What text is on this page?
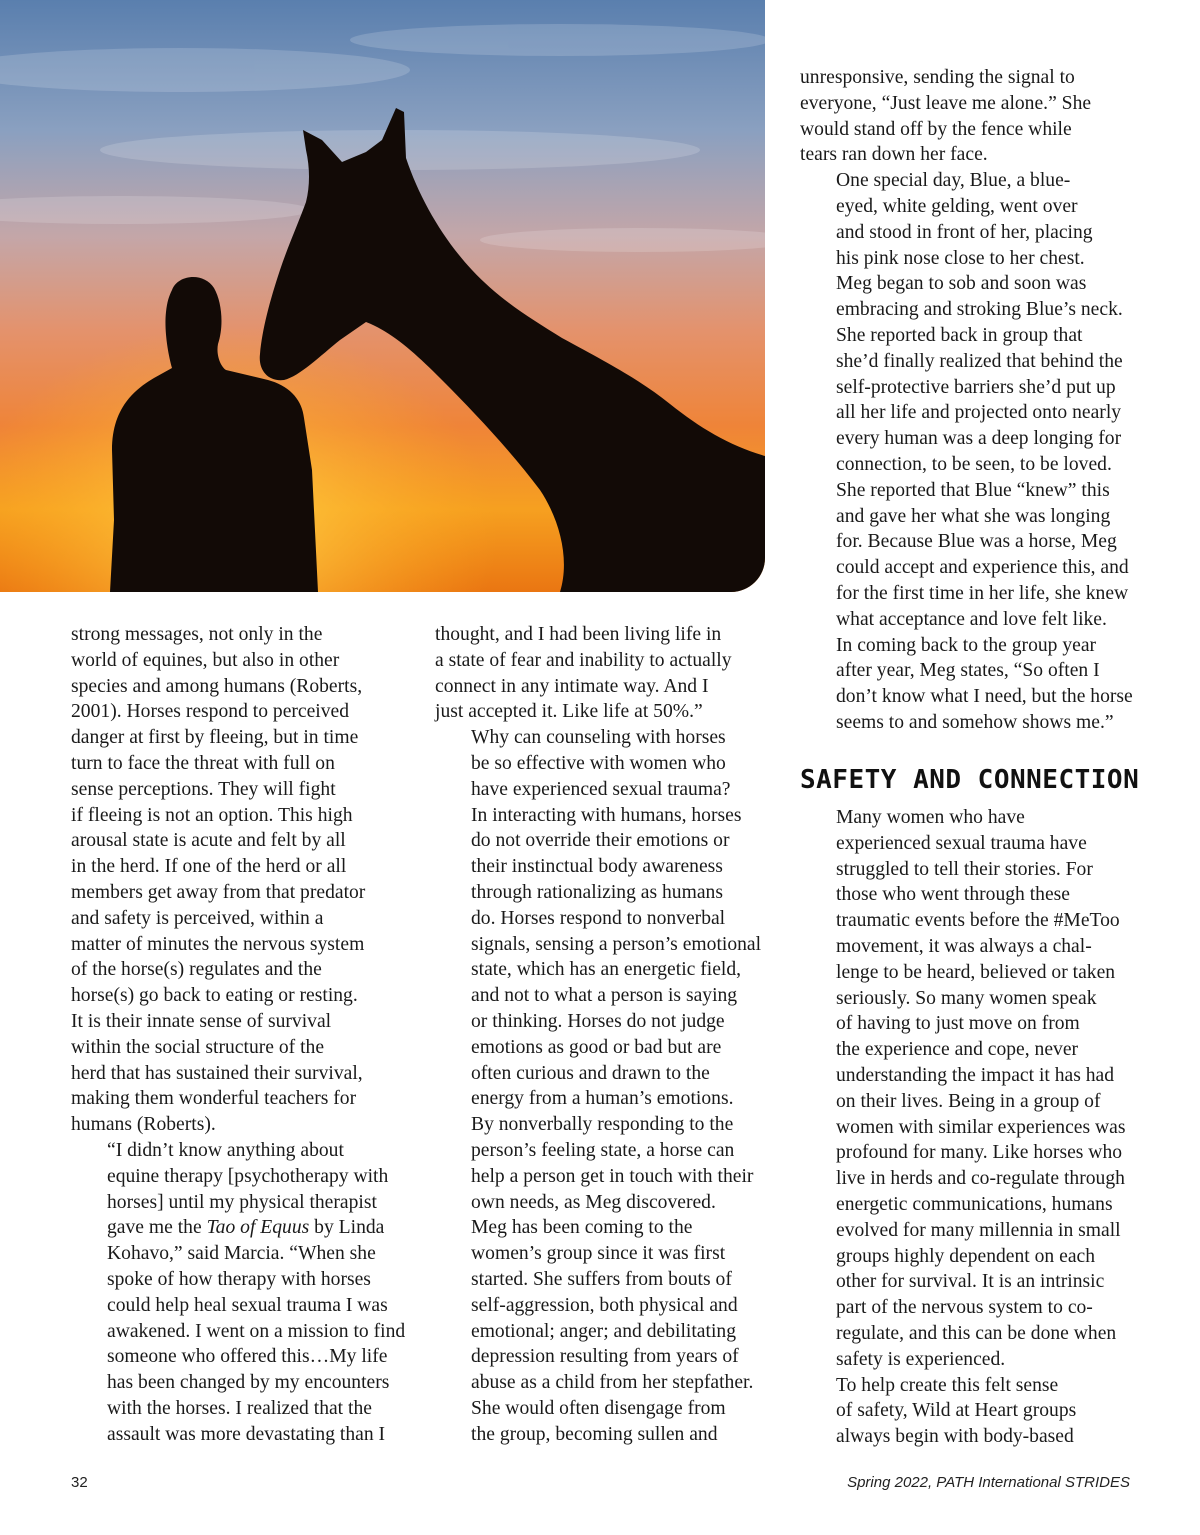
strong messages, not only in the
world of equines, but also in other
species and among humans (Roberts,
2001). Horses respond to perceived
danger at first by fleeing, but in time
turn to face the threat with full on
sense perceptions. They will fight
if fleeing is not an option. This high
arousal state is acute and felt by all
in the herd. If one of the herd or all
members get away from that predator
and safety is perceived, within a
matter of minutes the nervous system
of the horse(s) regulates and the
horse(s) go back to eating or resting.
It is their innate sense of survival
within the social structure of the
herd that has sustained their survival,
making them wonderful teachers for
humans (Roberts).

“I didn’t know anything about
equine therapy [psychotherapy with
horses] until my physical therapist
gave me the Tao of Equus by Linda
Kohavo,” said Marcia. “When she
spoke of how therapy with horses
could help heal sexual trauma I was
awakened. I went on a mission to find
someone who offered this…My life
has been changed by my encounters
with the horses. I realized that the
assault was more devastating than I

thought, and I had been living life in
a state of fear and inability to actually
connect in any intimate way. And I
just accepted it. Like life at 50%.”

Why can counseling with horses
be so effective with women who
have experienced sexual trauma?
In interacting with humans, horses
do not override their emotions or
their instinctual body awareness
through rationalizing as humans
do. Horses respond to nonverbal
signals, sensing a person’s emotional
state, which has an energetic field,
and not to what a person is saying
or thinking. Horses do not judge
emotions as good or bad but are
often curious and drawn to the
energy from a human’s emotions.
By nonverbally responding to the
person’s feeling state, a horse can
help a person get in touch with their
own needs, as Meg discovered.

Meg has been coming to the
women’s group since it was first
started. She suffers from bouts of
self-aggression, both physical and
emotional; anger; and debilitating
depression resulting from years of
abuse as a child from her stepfather.
She would often disengage from
the group, becoming sullen and

unresponsive, sending the signal to
everyone, “Just leave me alone.” She
would stand off by the fence while
tears ran down her face.

One special day, Blue, a blue-
eyed, white gelding, went over
and stood in front of her, placing
his pink nose close to her chest.
Meg began to sob and soon was
embracing and stroking Blue’s neck.
She reported back in group that
she’d finally realized that behind the
self-protective barriers she’d put up
all her life and projected onto nearly
every human was a deep longing for
connection, to be seen, to be loved.
She reported that Blue “knew” this
and gave her what she was longing
for. Because Blue was a horse, Meg
could accept and experience this, and
for the first time in her life, she knew
what acceptance and love felt like.
In coming back to the group year
after year, Meg states, “So often I
don’t know what I need, but the horse
seems to and somehow shows me.”

SAFETY AND CONNECTION

Many women who have
experienced sexual trauma have
struggled to tell their stories. For
those who went through these
traumatic events before the #MeToo
movement, it was always a chal-
lenge to be heard, believed or taken
seriously. So many women speak
of having to just move on from
the experience and cope, never
understanding the impact it has had
on their lives. Being in a group of
women with similar experiences was
profound for many. Like horses who
live in herds and co-regulate through
energetic communications, humans
evolved for many millennia in small
groups highly dependent on each
other for survival. It is an intrinsic
part of the nervous system to co-
regulate, and this can be done when
safety is experienced.

To help create this felt sense
of safety, Wild at Heart groups
always begin with body-based

32	Spring 2022, PATH International STRIDES
